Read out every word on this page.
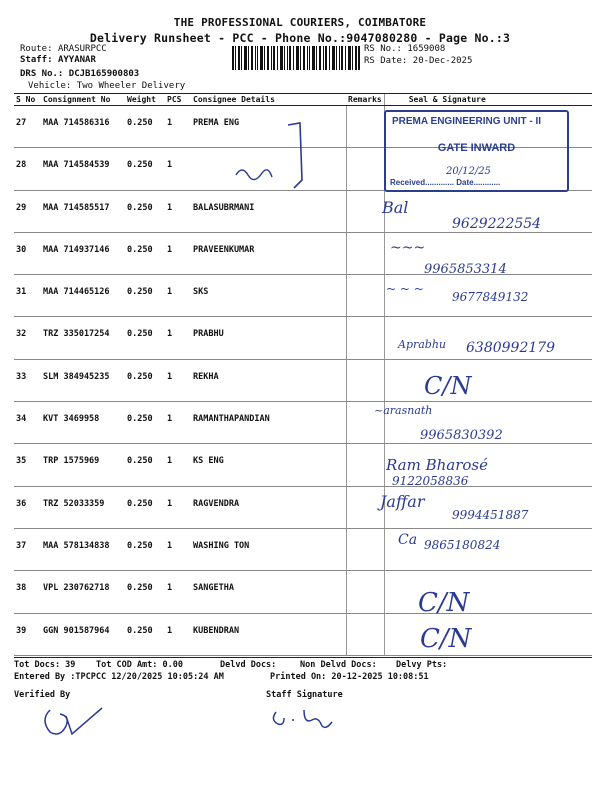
THE PROFESSIONAL COURIERS, COIMBATORE
Delivery Runsheet - PCC - Phone No.:9047080280 - Page No.:3
Route: ARASURPCC
Staff: AYYANAR
DRS No.: DCJB165900803
Vehicle: Two Wheeler Delivery
RS No.: 1659008
RS Date: 20-Dec-2025
S No	Consignment No	Weight	PCS	Consignee Details	Remarks	Seal & Signature
27	MAA 714586316	0.250	1	PREMA ENG		
28	MAA 714584539	0.250	1			
29	MAA 714585517	0.250	1	BALASUBRMANI		
30	MAA 714937146	0.250	1	PRAVEENKUMAR		
31	MAA 714465126	0.250	1	SKS		
32	TRZ 335017254	0.250	1	PRABHU		
33	SLM 384945235	0.250	1	REKHA		
34	KVT 3469958	0.250	1	RAMANTHAPANDIAN		
35	TRP 1575969	0.250	1	KS ENG		
36	TRZ 52033359	0.250	1	RAGVENDRA		
37	MAA 578134838	0.250	1	WASHING TON		
38	VPL 230762718	0.250	1	SANGETHA		
39	GGN 901587964	0.250	1	KUBENDRAN		
PREMA ENGINEERING UNIT - II
GATE INWARD
Received............. Date............
20/12/25
Bal
9629222554
~~~
9965853314
~ ~ ~
9677849132
Aprabhu 6380992179
C/N
~arasnath
9965830392
Ram Bharosé
9122058836
Jaffar
9994451887
Ca 9865180824
C/N
C/N
Tot Docs: 39 Tot COD Amt: 0.00	Delvd Docs:	Non Delvd Docs: Delvy Pts:
Entered By :TPCPCC 12/20/2025 10:05:24 AM	Printed On: 20-12-2025 10:08:51
Verified By	Staff Signature
